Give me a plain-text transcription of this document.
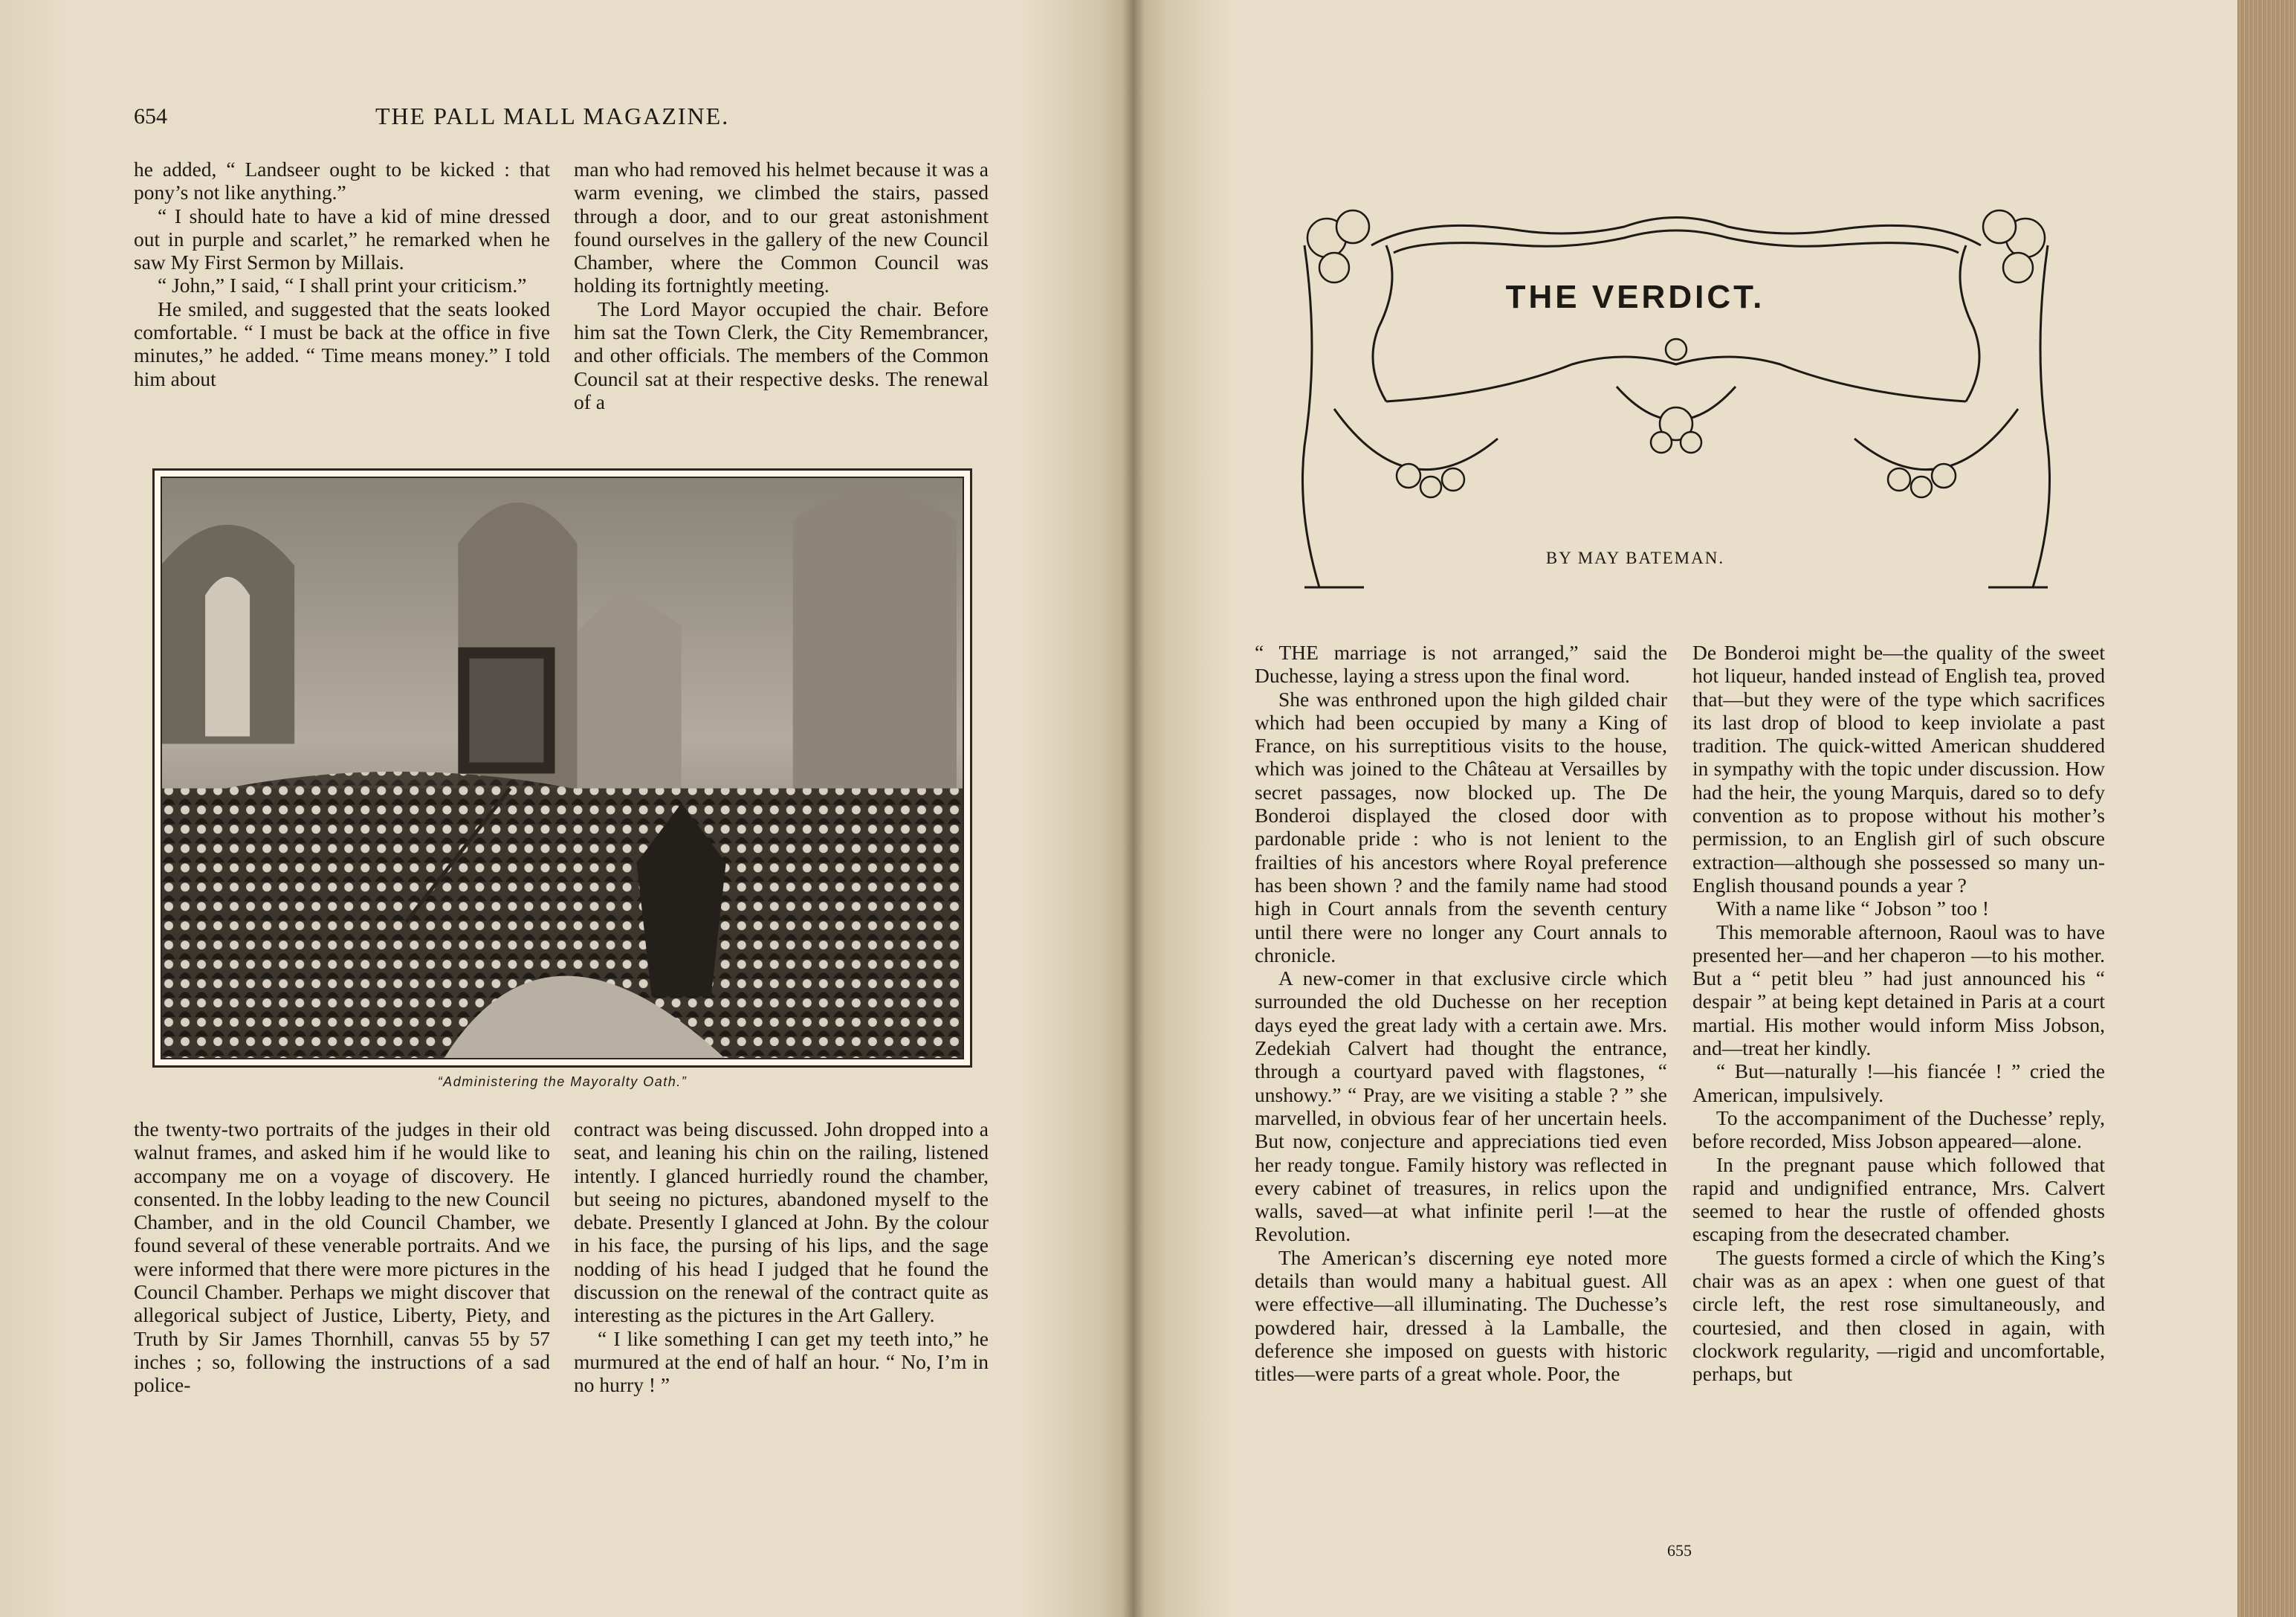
654	THE PALL MALL MAGAZINE.

he added, “ Landseer ought to be kicked : that pony’s not like anything.”

“ I should hate to have a kid of mine dressed out in purple and scarlet,” he remarked when he saw My First Sermon by Millais.

“ John,” I said, “ I shall print your criticism.”

He smiled, and suggested that the seats looked comfortable. “ I must be back at the office in five minutes,” he added. “ Time means money.” I told him about

man who had removed his helmet because it was a warm evening, we climbed the stairs, passed through a door, and to our great astonishment found ourselves in the gallery of the new Council Chamber, where the Common Council was holding its fortnightly meeting.

The Lord Mayor occupied the chair. Before him sat the Town Clerk, the City Remembrancer, and other officials. The members of the Common Council sat at their respective desks. The renewal of a

“Administering the Mayoralty Oath.”

the twenty-two portraits of the judges in their old walnut frames, and asked him if he would like to accompany me on a voyage of discovery. He consented. In the lobby leading to the new Council Chamber, and in the old Council Chamber, we found several of these venerable portraits. And we were informed that there were more pictures in the Council Chamber. Perhaps we might discover that allegorical subject of Justice, Liberty, Piety, and Truth by Sir James Thornhill, canvas 55 by 57 inches ; so, following the instructions of a sad police-

contract was being discussed. John dropped into a seat, and leaning his chin on the railing, listened intently. I glanced hurriedly round the chamber, but seeing no pictures, abandoned myself to the debate. Presently I glanced at John. By the colour in his face, the pursing of his lips, and the sage nodding of his head I judged that he found the discussion on the renewal of the contract quite as interesting as the pictures in the Art Gallery.

“ I like something I can get my teeth into,” he murmured at the end of half an hour. “ No, I’m in no hurry ! ”

THE VERDICT.
BY MAY BATEMAN.

“ THE marriage is not arranged,” said the Duchesse, laying a stress upon the final word.

She was enthroned upon the high gilded chair which had been occupied by many a King of France, on his surreptitious visits to the house, which was joined to the Château at Versailles by secret passages, now blocked up. The De Bonderoi displayed the closed door with pardonable pride : who is not lenient to the frailties of his ancestors where Royal preference has been shown ? and the family name had stood high in Court annals from the seventh century until there were no longer any Court annals to chronicle.

A new-comer in that exclusive circle which surrounded the old Duchesse on her reception days eyed the great lady with a certain awe. Mrs. Zedekiah Calvert had thought the entrance, through a courtyard paved with flagstones, “ unshowy.” “ Pray, are we visiting a stable ? ” she marvelled, in obvious fear of her uncertain heels. But now, conjecture and appreciations tied even her ready tongue. Family history was reflected in every cabinet of treasures, in relics upon the walls, saved—at what infinite peril !—at the Revolution.

The American’s discerning eye noted more details than would many a habitual guest. All were effective—all illuminating. The Duchesse’s powdered hair, dressed à la Lamballe, the deference she imposed on guests with historic titles—were parts of a great whole. Poor, the

De Bonderoi might be—the quality of the sweet hot liqueur, handed instead of English tea, proved that—but they were of the type which sacrifices its last drop of blood to keep inviolate a past tradition. The quick-witted American shuddered in sympathy with the topic under discussion. How had the heir, the young Marquis, dared so to defy convention as to propose without his mother’s permission, to an English girl of such obscure extraction—although she possessed so many un-English thousand pounds a year ?

With a name like “ Jobson ” too !

This memorable afternoon, Raoul was to have presented her—and her chaperon —to his mother. But a “ petit bleu ” had just announced his “ despair ” at being kept detained in Paris at a court martial. His mother would inform Miss Jobson, and—treat her kindly.

“ But—naturally !—his fiancée ! ” cried the American, impulsively.

To the accompaniment of the Duchesse’ reply, before recorded, Miss Jobson appeared—alone.

In the pregnant pause which followed that rapid and undignified entrance, Mrs. Calvert seemed to hear the rustle of offended ghosts escaping from the desecrated chamber.

The guests formed a circle of which the King’s chair was as an apex : when one guest of that circle left, the rest rose simultaneously, and courtesied, and then closed in again, with clockwork regularity, —rigid and uncomfortable, perhaps, but

655
